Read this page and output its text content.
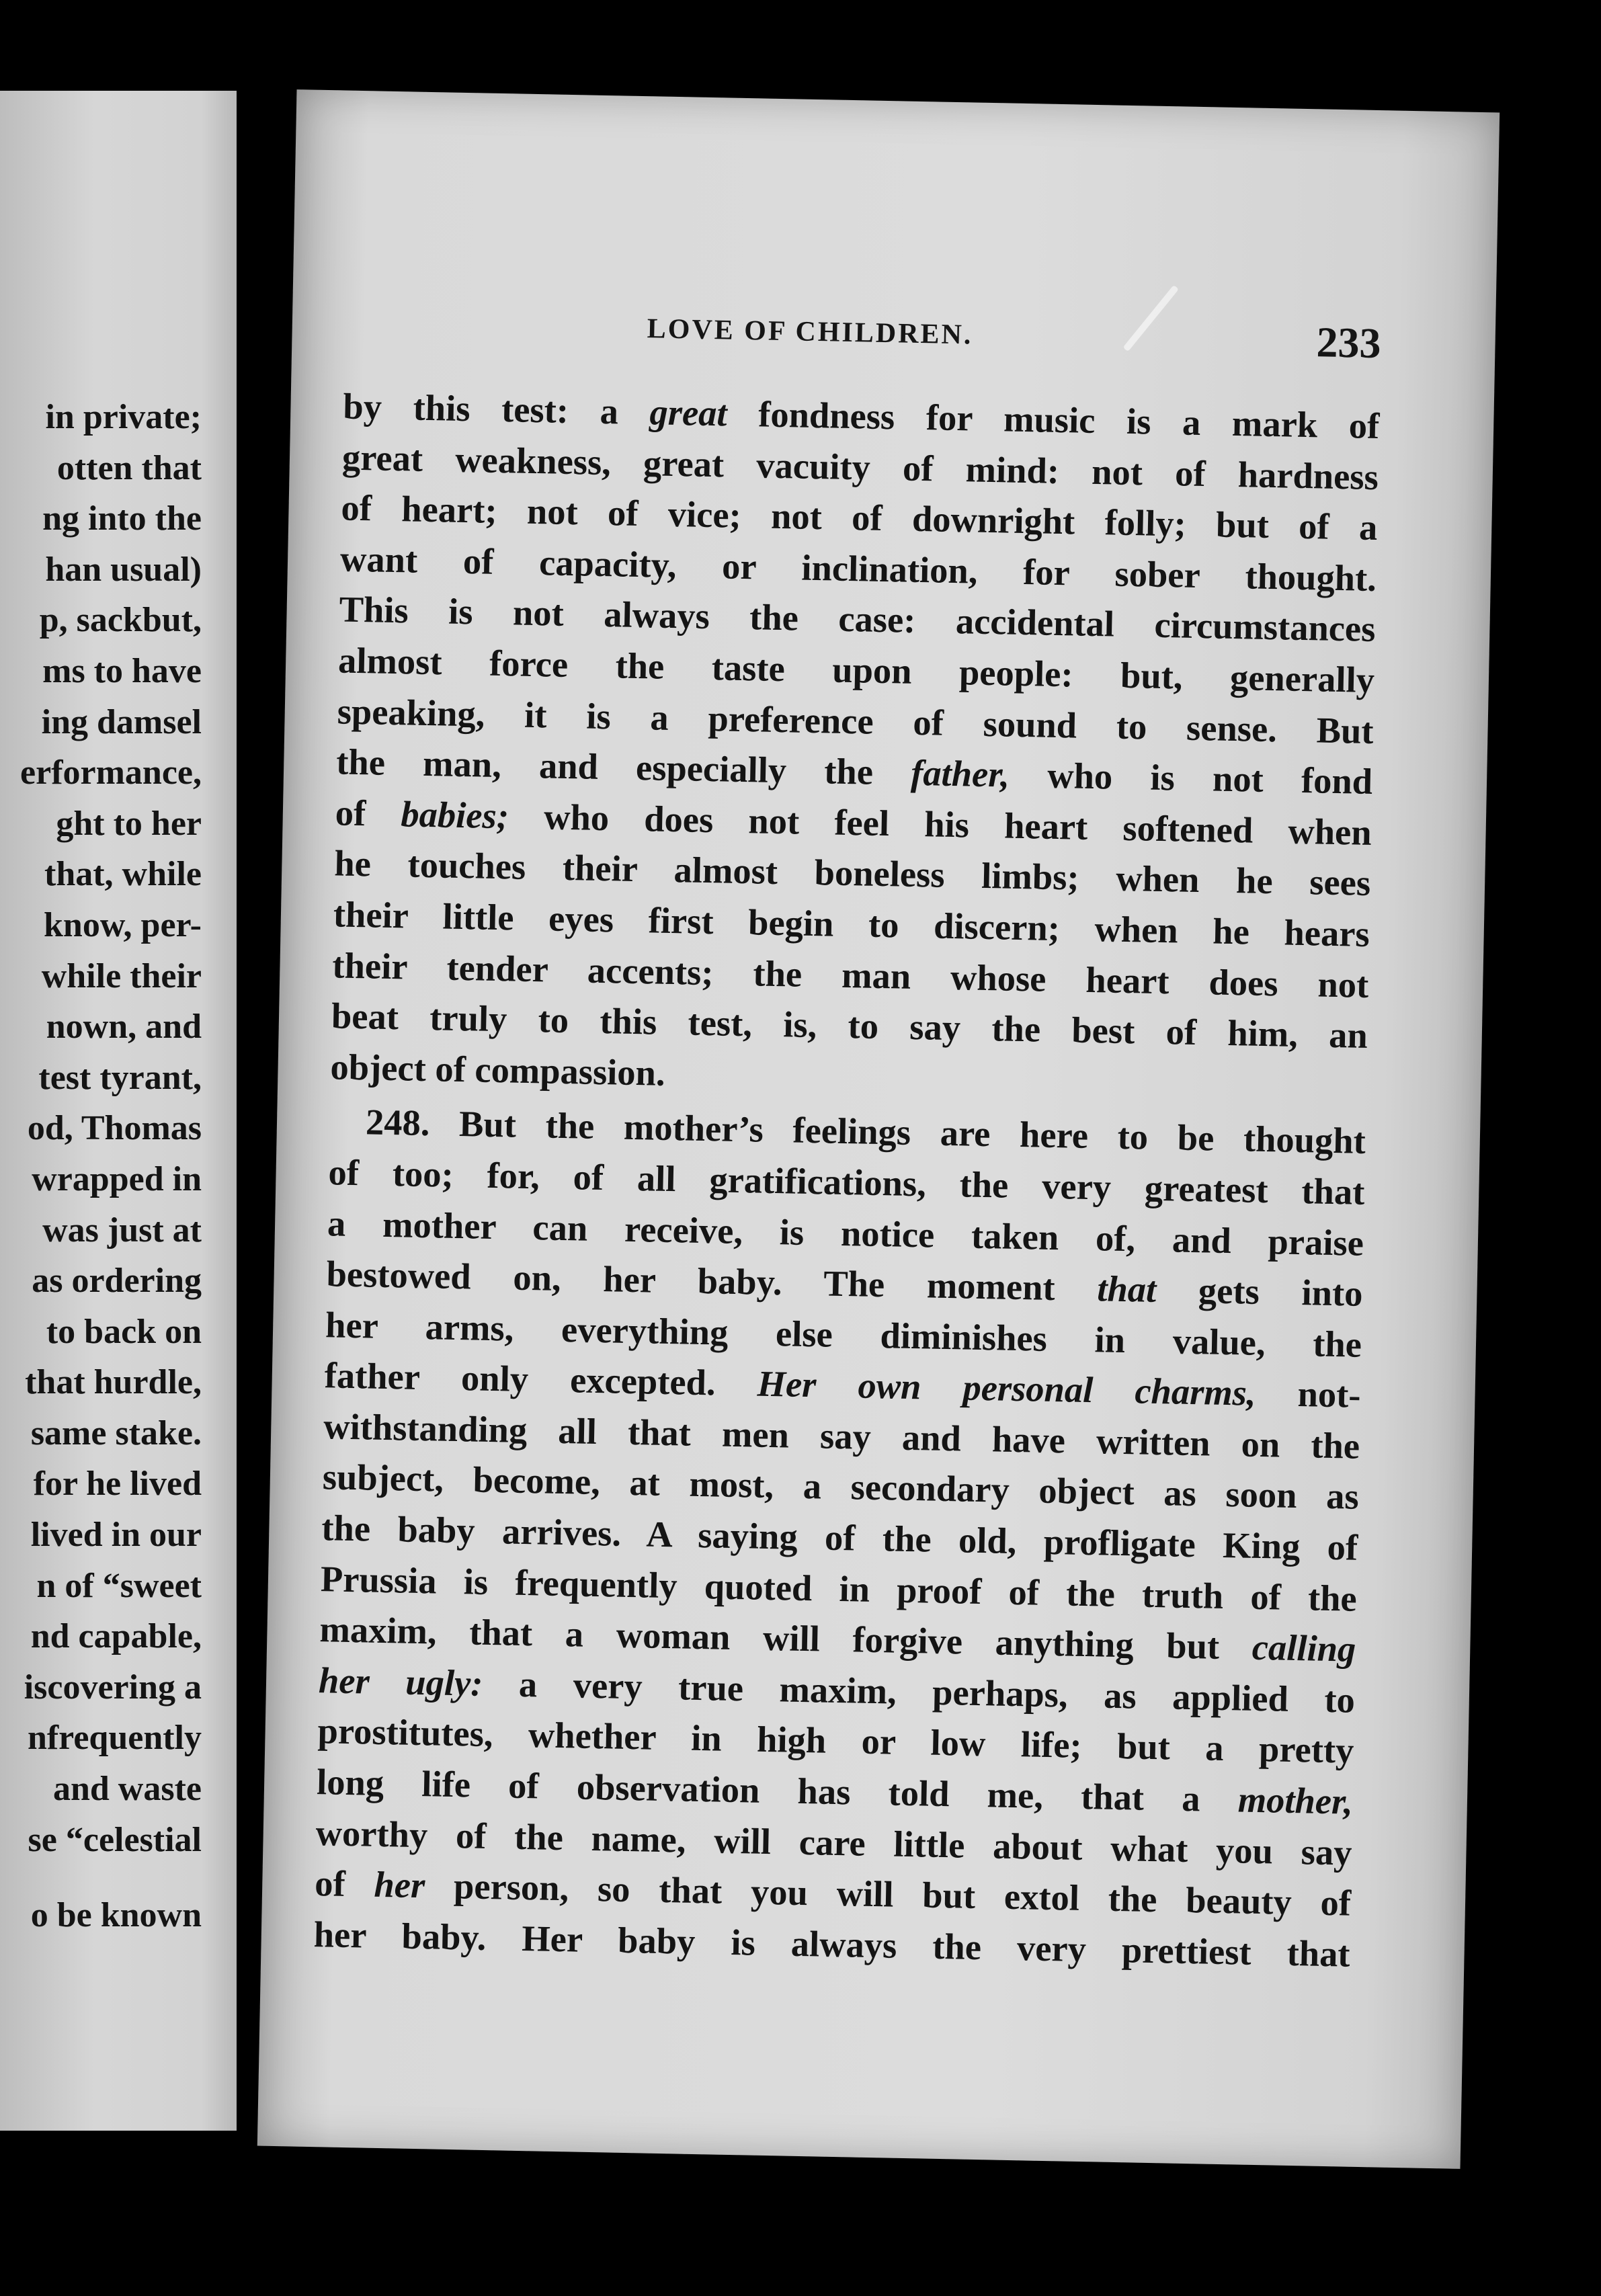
in private;
otten that
ng into the
han usual)
p, sackbut,
ms to have
ing damsel
erformance,
ght to her
that, while
know, per-
while their
nown, and
test tyrant,
od, Thomas
wrapped in
was just at
as ordering
to back on
that hurdle,
same stake.
for he lived
lived in our
n of “sweet
nd capable,
iscovering a
nfrequently
and waste
se “celestial
o be known
LOVE OF CHILDREN.	233
by this test: a great fondness for music is a mark of
great weakness, great vacuity of mind: not of hardness
of heart; not of vice; not of downright folly; but of a
want of capacity, or inclination, for sober thought.
This is not always the case: accidental circumstances
almost force the taste upon people: but, generally
speaking, it is a preference of sound to sense. But
the man, and especially the father, who is not fond
of babies; who does not feel his heart softened when
he touches their almost boneless limbs; when he sees
their little eyes first begin to discern; when he hears
their tender accents; the man whose heart does not
beat truly to this test, is, to say the best of him, an
object of compassion.
248. But the mother’s feelings are here to be thought
of too; for, of all gratifications, the very greatest that
a mother can receive, is notice taken of, and praise
bestowed on, her baby. The moment that gets into
her arms, everything else diminishes in value, the
father only excepted. Her own personal charms, not-
withstanding all that men say and have written on the
subject, become, at most, a secondary object as soon as
the baby arrives. A saying of the old, profligate King of
Prussia is frequently quoted in proof of the truth of the
maxim, that a woman will forgive anything but calling
her ugly: a very true maxim, perhaps, as applied to
prostitutes, whether in high or low life; but a pretty
long life of observation has told me, that a mother,
worthy of the name, will care little about what you say
of her person, so that you will but extol the beauty of
her baby. Her baby is always the very prettiest that
